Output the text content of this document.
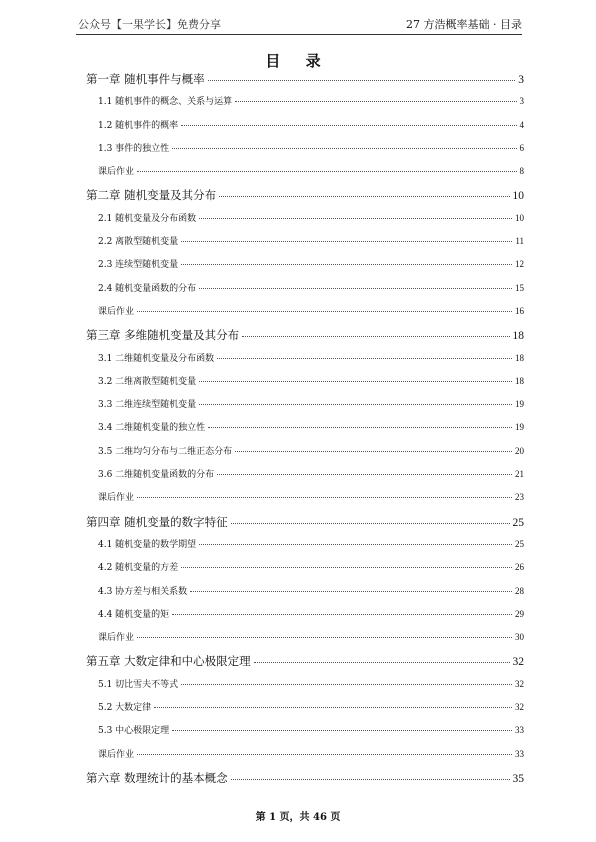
公众号【一果学长】免费分享	27 方浩概率基础 · 目录
目 录
第一章 随机事件与概率	3
1.1 随机事件的概念、关系与运算	3
1.2 随机事件的概率	4
1.3 事件的独立性	6
课后作业	8
第二章 随机变量及其分布	10
2.1 随机变量及分布函数	10
2.2 离散型随机变量	11
2.3 连续型随机变量	12
2.4 随机变量函数的分布	15
课后作业	16
第三章 多维随机变量及其分布	18
3.1 二维随机变量及分布函数	18
3.2 二维离散型随机变量	18
3.3 二维连续型随机变量	19
3.4 二维随机变量的独立性	19
3.5 二维均匀分布与二维正态分布	20
3.6 二维随机变量函数的分布	21
课后作业	23
第四章 随机变量的数字特征	25
4.1 随机变量的数学期望	25
4.2 随机变量的方差	26
4.3 协方差与相关系数	28
4.4 随机变量的矩	29
课后作业	30
第五章 大数定律和中心极限定理	32
5.1 切比雪夫不等式	32
5.2 大数定律	32
5.3 中心极限定理	33
课后作业	33
第六章 数理统计的基本概念	35
第 1 页，共 46 页
